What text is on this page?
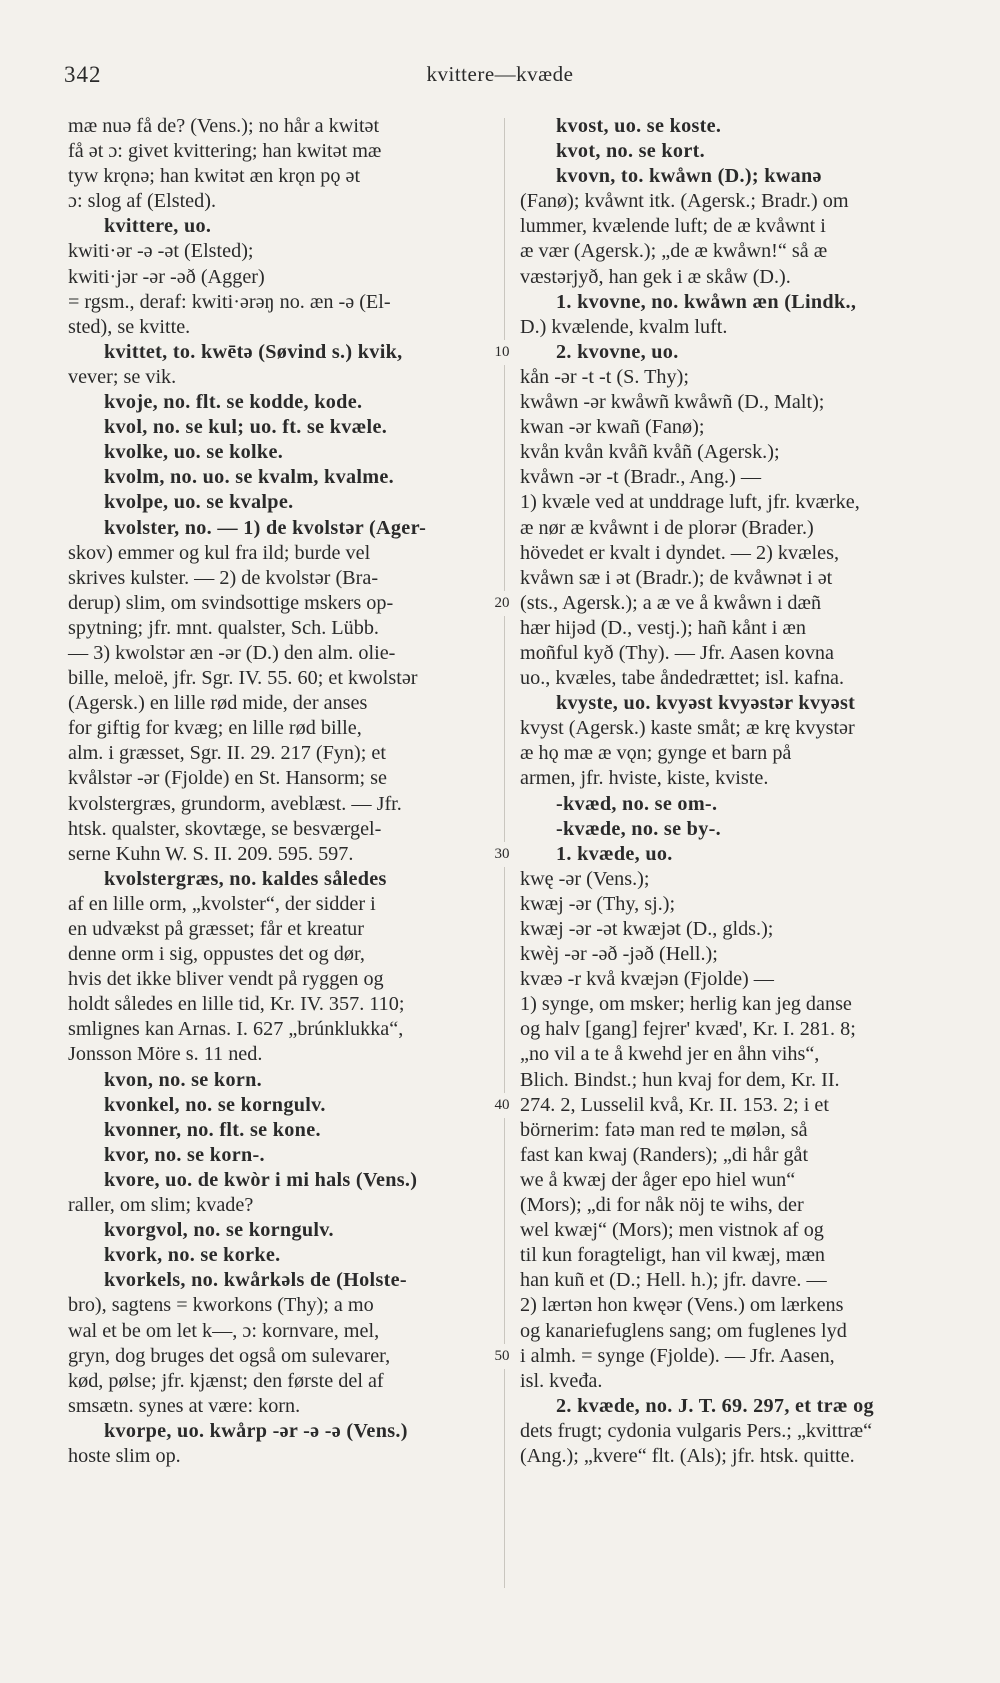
342	kvittere—kvæde
mæ nuə få de? (Vens.); no hår a kwitət
få ət ɔ: givet kvittering; han kwitət mæ
tyw krǫnə; han kwitət æn krǫn pǫ ət
ɔ: slog af (Elsted).
kvittere, uo.
kwiti·ər -ə -ət (Elsted);
kwiti·jər -ər -əð (Agger)
= rgsm., deraf: kwiti·ərəŋ no. æn -ə (El-
sted), se kvitte.
kvittet, to. kwētə (Søvind s.) kvik,
vever; se vik.
kvoje, no. flt. se kodde, kode.
kvol, no. se kul; uo. ft. se kvæle.
kvolke, uo. se kolke.
kvolm, no. uo. se kvalm, kvalme.
kvolpe, uo. se kvalpe.
kvolster, no. — 1) de kvolstər (Ager-
skov) emmer og kul fra ild; burde vel
skrives kulster. — 2) de kvolstər (Bra-
derup) slim, om svindsottige mskers op-
spytning; jfr. mnt. qualster, Sch. Lübb.
— 3) kwolstər æn -ər (D.) den alm. olie-
bille, meloë, jfr. Sgr. IV. 55. 60; et kwolstər
(Agersk.) en lille rød mide, der anses
for giftig for kvæg; en lille rød bille,
alm. i græsset, Sgr. II. 29. 217 (Fyn); et
kvålstər -ər (Fjolde) en St. Hansorm; se
kvolstergræs, grundorm, aveblæst. — Jfr.
htsk. qualster, skovtæge, se besværgel-
serne Kuhn W. S. II. 209. 595. 597.
kvolstergræs, no. kaldes således
af en lille orm, „kvolster“, der sidder i
en udvækst på græsset; får et kreatur
denne orm i sig, oppustes det og dør,
hvis det ikke bliver vendt på ryggen og
holdt således en lille tid, Kr. IV. 357. 110;
smlignes kan Arnas. I. 627 „brúnklukka“,
Jonsson Möre s. 11 ned.
kvon, no. se korn.
kvonkel, no. se korngulv.
kvonner, no. flt. se kone.
kvor, no. se korn-.
kvore, uo. de kwòr i mi hals (Vens.)
raller, om slim; kvade?
kvorgvol, no. se korngulv.
kvork, no. se korke.
kvorkels, no. kwårkəls de (Holste-
bro), sagtens = kworkons (Thy); a mo
wal et be om let k—, ɔ: kornvare, mel,
gryn, dog bruges det også om sulevarer,
kød, pølse; jfr. kjænst; den første del af
smsætn. synes at være: korn.
kvorpe, uo. kwårp -ər -ə -ə (Vens.)
hoste slim op.
10
20
30
40
50
kvost, uo. se koste.
kvot, no. se kort.
kvovn, to. kwåwn (D.); kwanə
(Fanø); kvåwnt itk. (Agersk.; Bradr.) om
lummer, kvælende luft; de æ kvåwnt i
æ vær (Agersk.); „de æ kwåwn!“ så æ
væstərjyð, han gek i æ skåw (D.).
1. kvovne, no. kwåwn æn (Lindk.,
D.) kvælende, kvalm luft.
2. kvovne, uo.
kån -ər -t -t (S. Thy);
kwåwn -ər kwåwñ kwåwñ (D., Malt);
kwan -ər kwañ (Fanø);
kvån kvån kvåñ kvåñ (Agersk.);
kvåwn -ər -t (Bradr., Ang.) —
1) kvæle ved at unddrage luft, jfr. kværke,
æ nør æ kvåwnt i de plorər (Brader.)
hövedet er kvalt i dyndet. — 2) kvæles,
kvåwn sæ i ət (Bradr.); de kvåwnət i ət
(sts., Agersk.); a æ ve å kwåwn i dæñ
hær hijəd (D., vestj.); hañ kånt i æn
moñful kyð (Thy). — Jfr. Aasen kovna
uo., kvæles, tabe åndedrættet; isl. kafna.
kvyste, uo. kvyəst kvyəstər kvyəst
kvyst (Agersk.) kaste småt; æ krę kvystər
æ hǫ mæ æ vǫn; gynge et barn på
armen, jfr. hviste, kiste, kviste.
-kvæd, no. se om-.
-kvæde, no. se by-.
1. kvæde, uo.
kwę -ər (Vens.);
kwæj -ər (Thy, sj.);
kwæj -ər -ət kwæjət (D., glds.);
kwèj -ər -əð -jəð (Hell.);
kvæə -r kvå kvæjən (Fjolde) —
1) synge, om msker; herlig kan jeg danse
og halv [gang] fejrer' kvæd', Kr. I. 281. 8;
„no vil a te å kwehd jer en åhn vihs“,
Blich. Bindst.; hun kvaj for dem, Kr. II.
274. 2, Lusselil kvå, Kr. II. 153. 2; i et
börnerim: fatə man red te mølən, så
fast kan kwaj (Randers); „di hår gåt
we å kwæj der åger epo hiel wun“
(Mors); „di for nåk nöj te wihs, der
wel kwæj“ (Mors); men vistnok af og
til kun foragteligt, han vil kwæj, mæn
han kuñ et (D.; Hell. h.); jfr. davre. —
2) lærtən hon kwęər (Vens.) om lærkens
og kanariefuglens sang; om fuglenes lyd
i almh. = synge (Fjolde). — Jfr. Aasen,
isl. kveđa.
2. kvæde, no. J. T. 69. 297, et træ og
dets frugt; cydonia vulgaris Pers.; „kvittræ“
(Ang.); „kvere“ flt. (Als); jfr. htsk. quitte.
